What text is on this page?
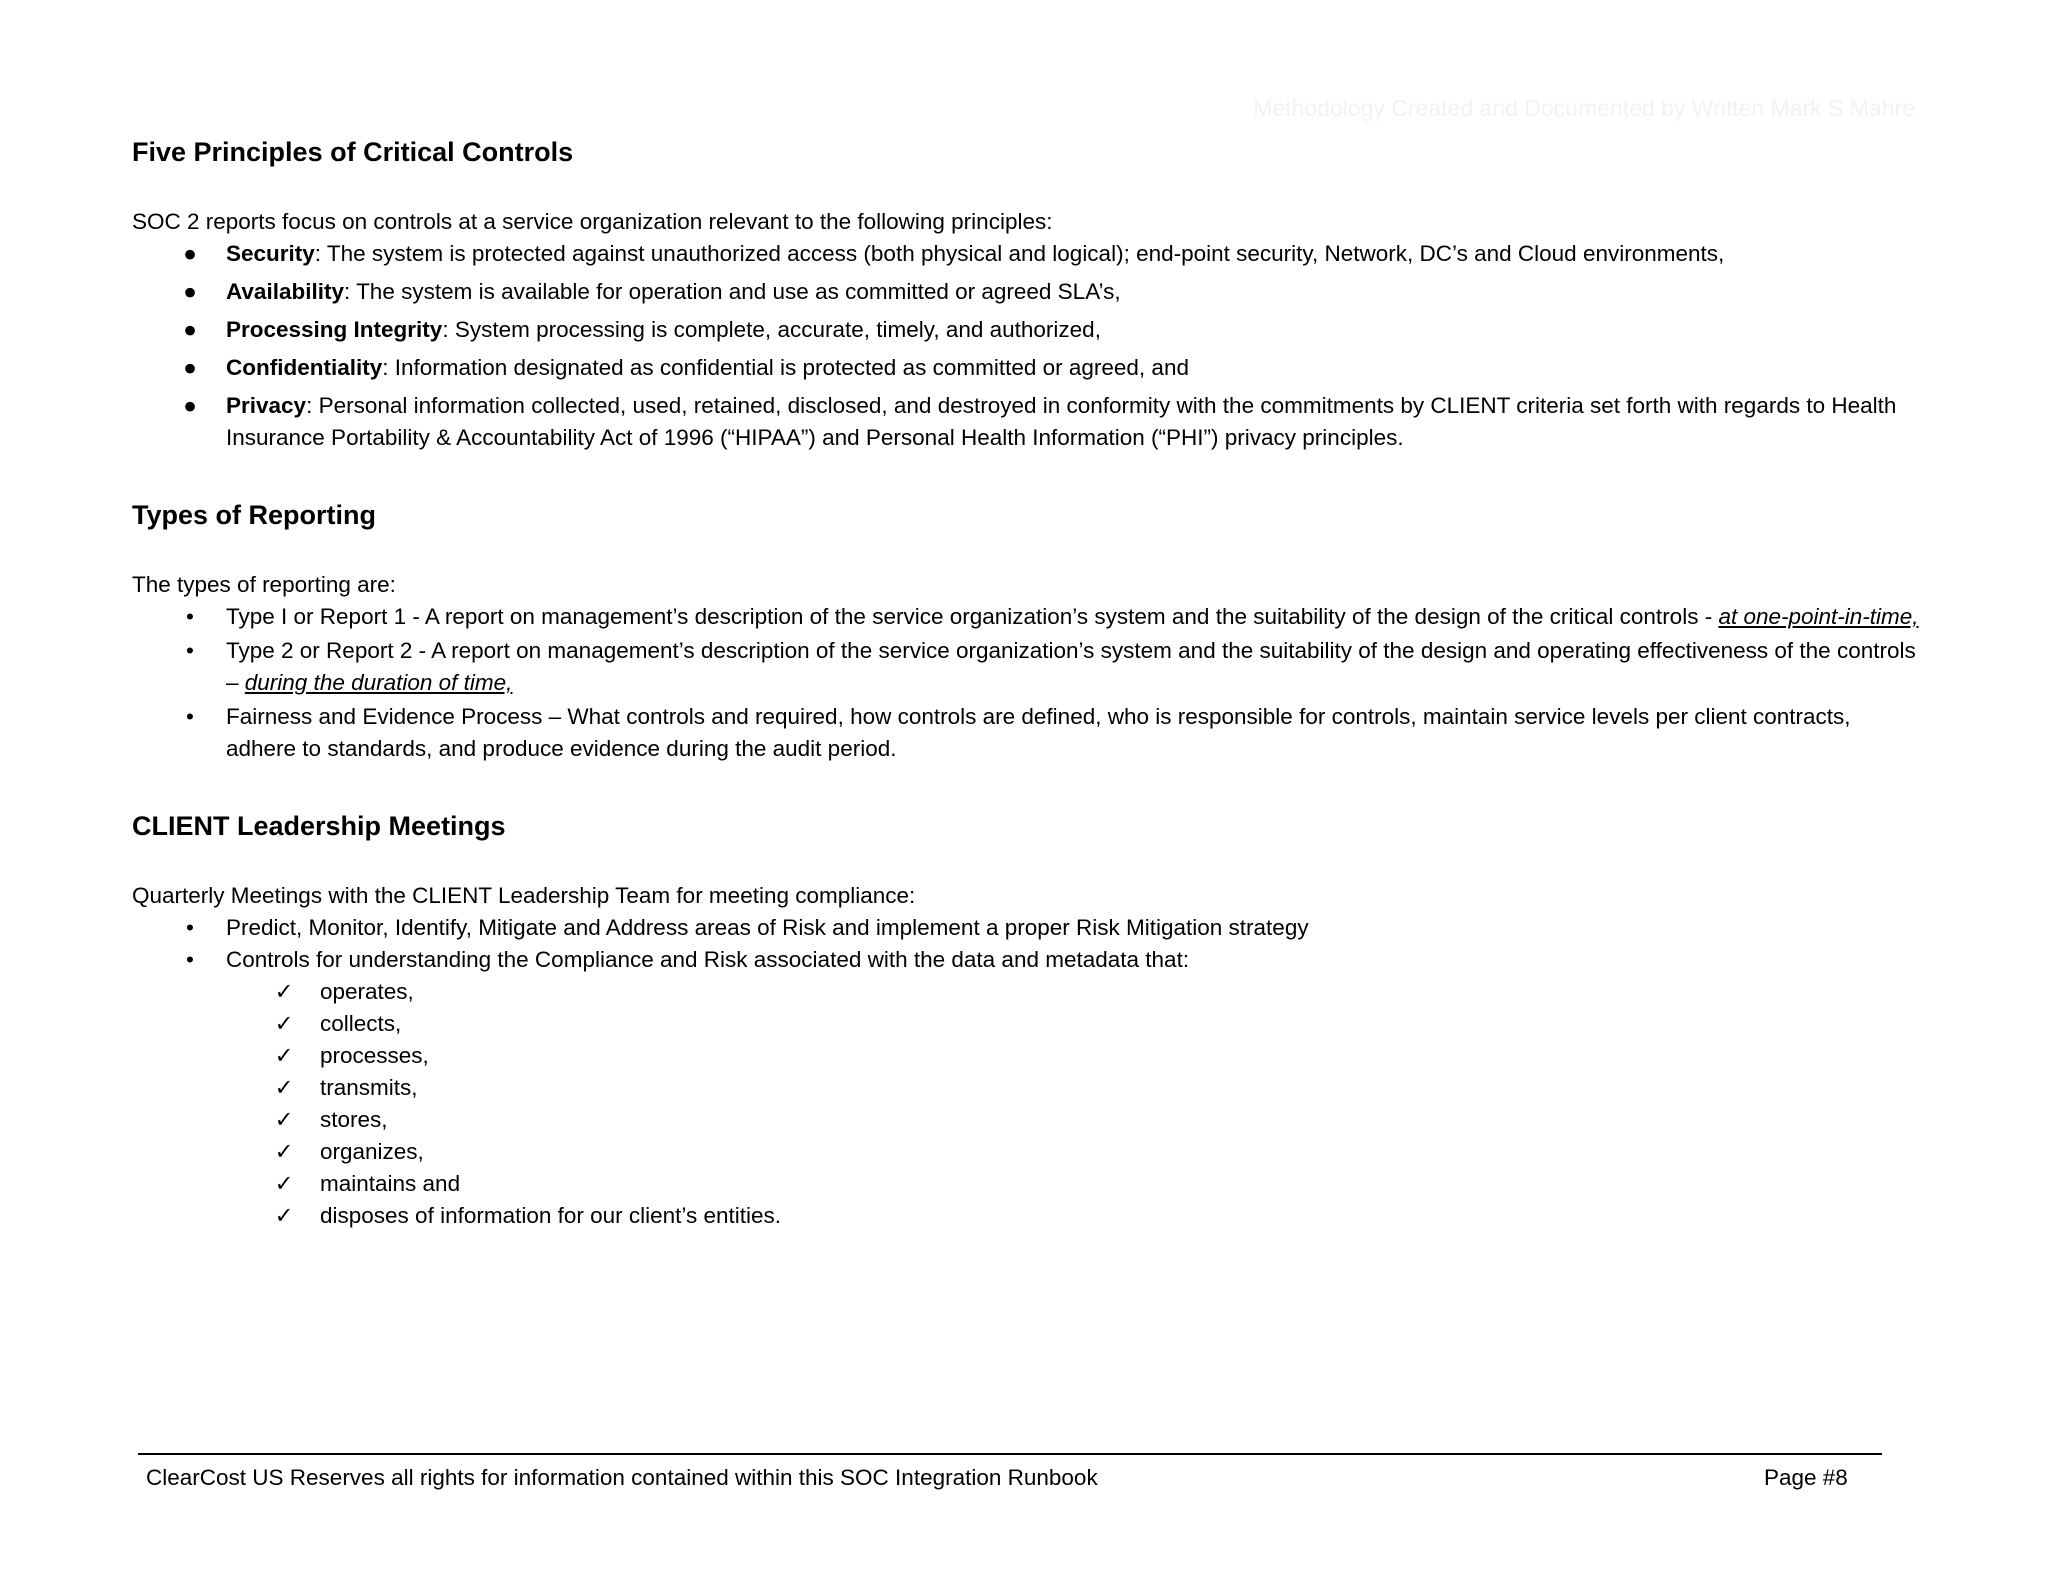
Methodology Created and Documented by Written Mark S Mahre
Five Principles of Critical Controls

SOC 2 reports focus on controls at a service organization relevant to the following principles:

● Security: The system is protected against unauthorized access (both physical and logical); end-point security, Network, DC’s and Cloud environments,
● Availability: The system is available for operation and use as committed or agreed SLA’s,
● Processing Integrity: System processing is complete, accurate, timely, and authorized,
● Confidentiality: Information designated as confidential is protected as committed or agreed, and
● Privacy: Personal information collected, used, retained, disclosed, and destroyed in conformity with the commitments by CLIENT criteria set forth with regards to Health Insurance Portability & Accountability Act of 1996 (“HIPAA”) and Personal Health Information (“PHI”) privacy principles.
Types of Reporting

The types of reporting are:

• Type I or Report 1 - A report on management’s description of the service organization’s system and the suitability of the design of the critical controls - at one-point-in-time,
• Type 2 or Report 2 - A report on management’s description of the service organization’s system and the suitability of the design and operating effectiveness of the controls – during the duration of time,
• Fairness and Evidence Process – What controls and required, how controls are defined, who is responsible for controls, maintain service levels per client contracts, adhere to standards, and produce evidence during the audit period.
CLIENT Leadership Meetings

Quarterly Meetings with the CLIENT Leadership Team for meeting compliance:

• Predict, Monitor, Identify, Mitigate and Address areas of Risk and implement a proper Risk Mitigation strategy
• Controls for understanding the Compliance and Risk associated with the data and metadata that:
✓ operates,
✓ collects,
✓ processes,
✓ transmits,
✓ stores,
✓ organizes,
✓ maintains and
✓ disposes of information for our client’s entities.
ClearCost US Reserves all rights for information contained within this SOC Integration Runbook	Page #8
